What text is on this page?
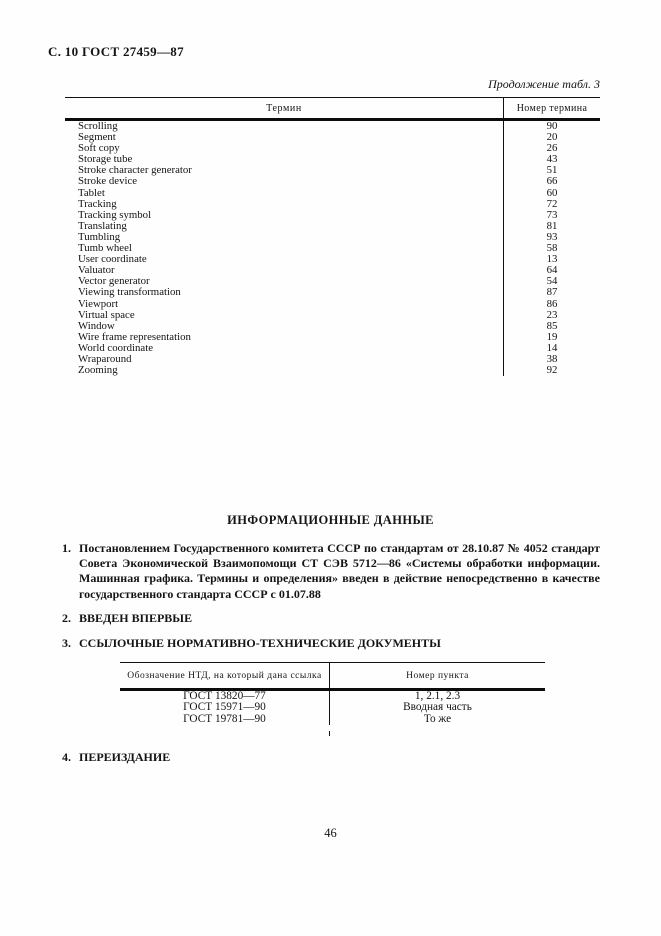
С. 10 ГОСТ 27459—87
Продолжение табл. 3
Термин	Номер термина
Scrolling	90
Segment	20
Soft copy	26
Storage tube	43
Stroke character generator	51
Stroke device	66
Tablet	60
Tracking	72
Tracking symbol	73
Translating	81
Tumbling	93
Tumb wheel	58
User coordinate	13
Valuator	64
Vector generator	54
Viewing transformation	87
Viewport	86
Virtual space	23
Window	85
Wire frame representation	19
World coordinate	14
Wraparound	38
Zooming	92
ИНФОРМАЦИОННЫЕ ДАННЫЕ
1. Постановлением Государственного комитета СССР по стандартам от 28.10.87 № 4052 стандарт Совета Экономической Взаимопомощи СТ СЭВ 5712—86 «Системы обработки информации. Машинная графика. Термины и определения» введен в действие непосредственно в качестве государственного стандарта СССР с 01.07.88
2. ВВЕДЕН ВПЕРВЫЕ
3. ССЫЛОЧНЫЕ НОРМАТИВНО-ТЕХНИЧЕСКИЕ ДОКУМЕНТЫ
Обозначение НТД, на который дана ссылка	Номер пункта
ГОСТ 13820—77	1, 2.1, 2.3
ГОСТ 15971—90	Вводная часть
ГОСТ 19781—90	То же
4. ПЕРЕИЗДАНИЕ
46
